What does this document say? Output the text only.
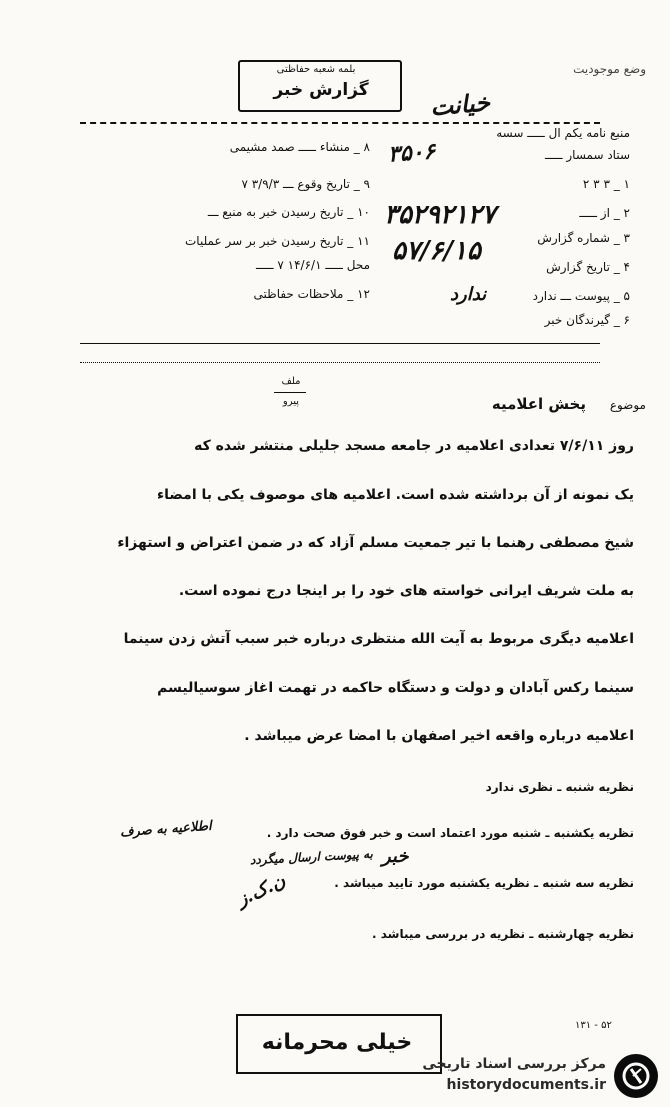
وضع موجوديت
بلمه شعبه حفاظتی
گزارش خبر	خیانت
۸ _ منشاء ـــــ صمد مشیمی
۹ _ تاریخ وقوع ـــ ۳/۹/۳ ۷
۱۰ _ تاریخ رسیدن خبر به منبع ـــ
۱۱ _ تاریخ رسیدن خبر بر سر عملیات
محل ـــــ ۱۴/۶/۱ ۷ ـــــ
۱۲ _ ملاحظات حفاظتی
منبع نامه یکم ال ـــــ سسه
ستاد سمسار ـــــ
۱ _ ۳ ۳ ۲
۲ _ از ـــــ
۳ _ شماره گزارش
۴ _ تاریخ گزارش
۵ _ پیوست ـــ ندارد
۶ _ گیرندگان خبر
۳۵۰۶
۳۵۲۹۲۱۲۷
۵۷/۶/۱۵
ندارد
ملف
پیرو	موضوع
پخش اعلامیه
روز ۷/۶/۱۱ تعدادی اعلامیه در جامعه مسجد جلیلی منتشر شده که
یک نمونه از آن برداشته شده است. اعلامیه های موصوف یکی با امضاء
شیخ مصطفی رهنما با تیر جمعیت مسلم آزاد که در ضمن اعتراض و استهزاء
به ملت شریف ایرانی خواسته های خود را بر اینجا درج نموده است.
اعلامیه دیگری مربوط به آیت الله منتظری درباره خبر سبب آتش زدن سینما
سینما رکس آبادان و دولت و دستگاه حاکمه در تهمت اغاز سوسیالیسم
اعلامیه درباره واقعه اخیر اصفهان با امضا عرض میباشد .
نظریه شنبه ـ نظری ندارد
نظریه یکشنبه ـ شنبه مورد اعتماد است و خبر فوق صحت دارد .
نظریه سه شنبه ـ نظریه یکشنبه مورد تایید میباشد .
نظریه چهارشنبه ـ نظریه در بررسی میباشد .
اطلاعیه به صرف
به پیوست ارسال میگردد خبر
ن.ک.ز
خیلی محرمانه
۱۳۱ - ۵۲
مرکز بررسی اسناد تاریخی
historydocuments.ir
